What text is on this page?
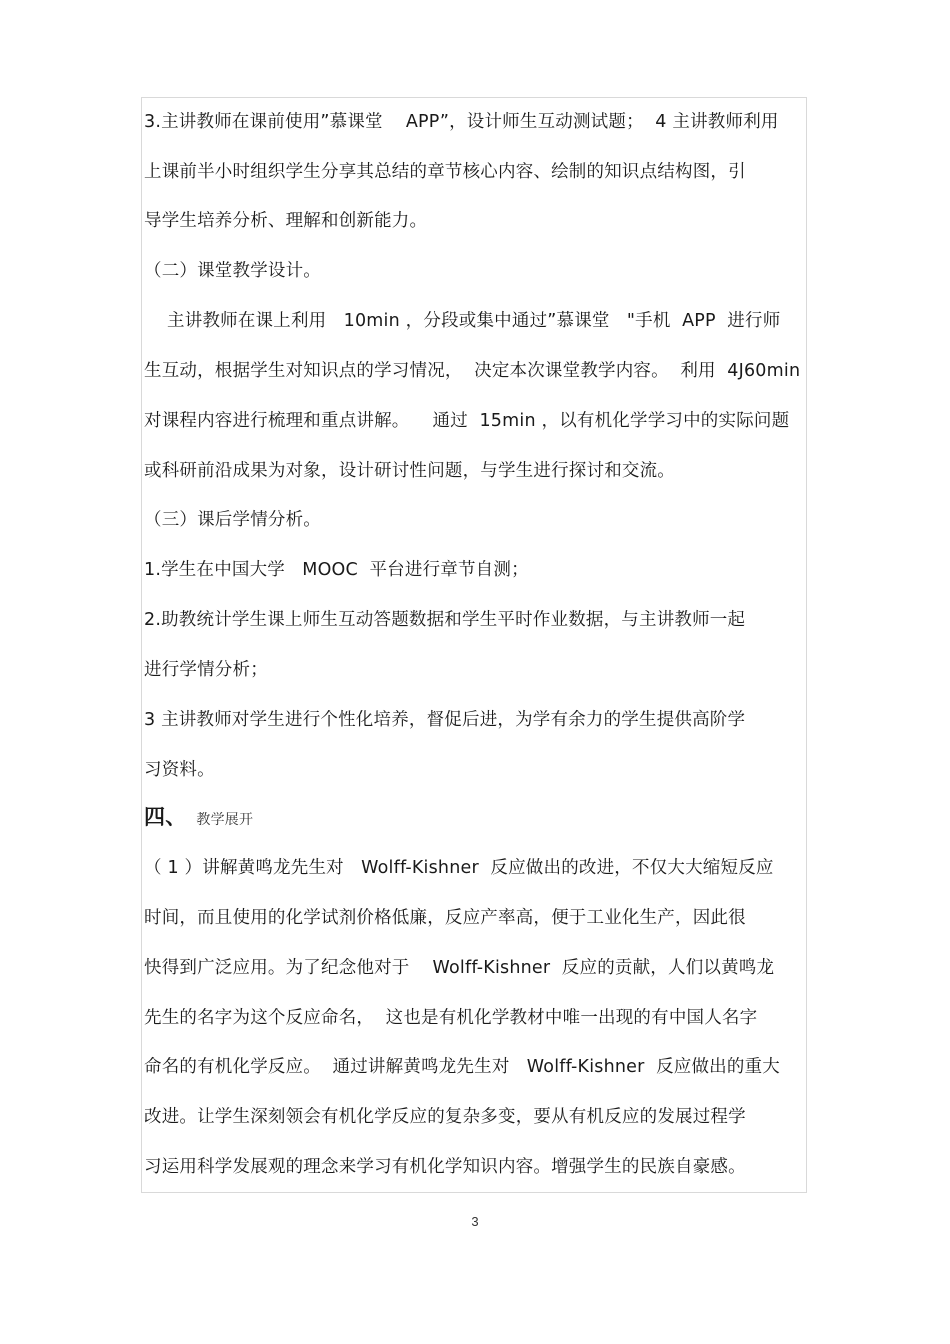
3.主讲教师在课前使用”慕课堂    APP”，设计师生互动测试题；  4 主讲教师利用
上课前半小时组织学生分享其总结的章节核心内容、绘制的知识点结构图，引
导学生培养分析、理解和创新能力。
（二）课堂教学设计。
主讲教师在课上利用   10min ，分段或集中通过”慕课堂   "手机  APP  进行师
生互动，根据学生对知识点的学习情况，  决定本次课堂教学内容。  利用  4J60min
对课程内容进行梳理和重点讲解。    通过  15min ，以有机化学学习中的实际问题
或科研前沿成果为对象，设计研讨性问题，与学生进行探讨和交流。
（三）课后学情分析。
1.学生在中国大学   MOOC  平台进行章节自测；
2.助教统计学生课上师生互动答题数据和学生平时作业数据，与主讲教师一起
进行学情分析；
3 主讲教师对学生进行个性化培养，督促后进，为学有余力的学生提供高阶学
习资料。
四、 教学展开
（ 1 ）讲解黄鸣龙先生对   Wolff-Kishner  反应做出的改进，不仅大大缩短反应
时间，而且使用的化学试剂价格低廉，反应产率高，便于工业化生产，因此很
快得到广泛应用。为了纪念他对于    Wolff-Kishner  反应的贡献，人们以黄鸣龙
先生的名字为这个反应命名，  这也是有机化学教材中唯一出现的有中国人名字
命名的有机化学反应。  通过讲解黄鸣龙先生对   Wolff-Kishner  反应做出的重大
改进。让学生深刻领会有机化学反应的复杂多变，要从有机反应的发展过程学
习运用科学发展观的理念来学习有机化学知识内容。增强学生的民族自豪感。
3
